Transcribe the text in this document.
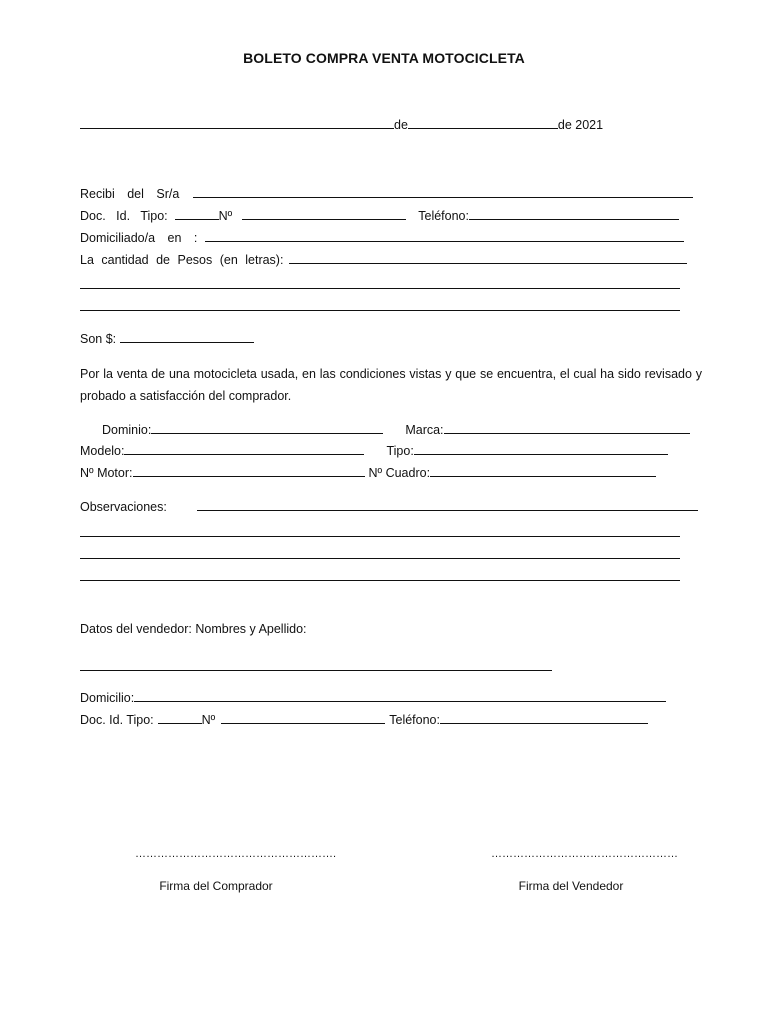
BOLETO COMPRA VENTA MOTOCICLETA
de	de 2021
Recibi del Sr/a
Doc. Id. Tipo:	Nº	Teléfono:
Domiciliado/a en :
La cantidad de Pesos (en letras):
Son $:
Por la venta de una motocicleta usada, en las condiciones vistas y que se encuentra, el cual ha sido revisado y probado a satisfacción del comprador.
Dominio:	Marca:
Modelo:	Tipo:
Nº Motor:	Nº Cuadro:
Observaciones:
Datos del vendedor: Nombres y Apellido:
Domicilio:
Doc. Id. Tipo:	Nº	Teléfono:
……………………………………………….	……………………………………………
Firma del Comprador	Firma del Vendedor
